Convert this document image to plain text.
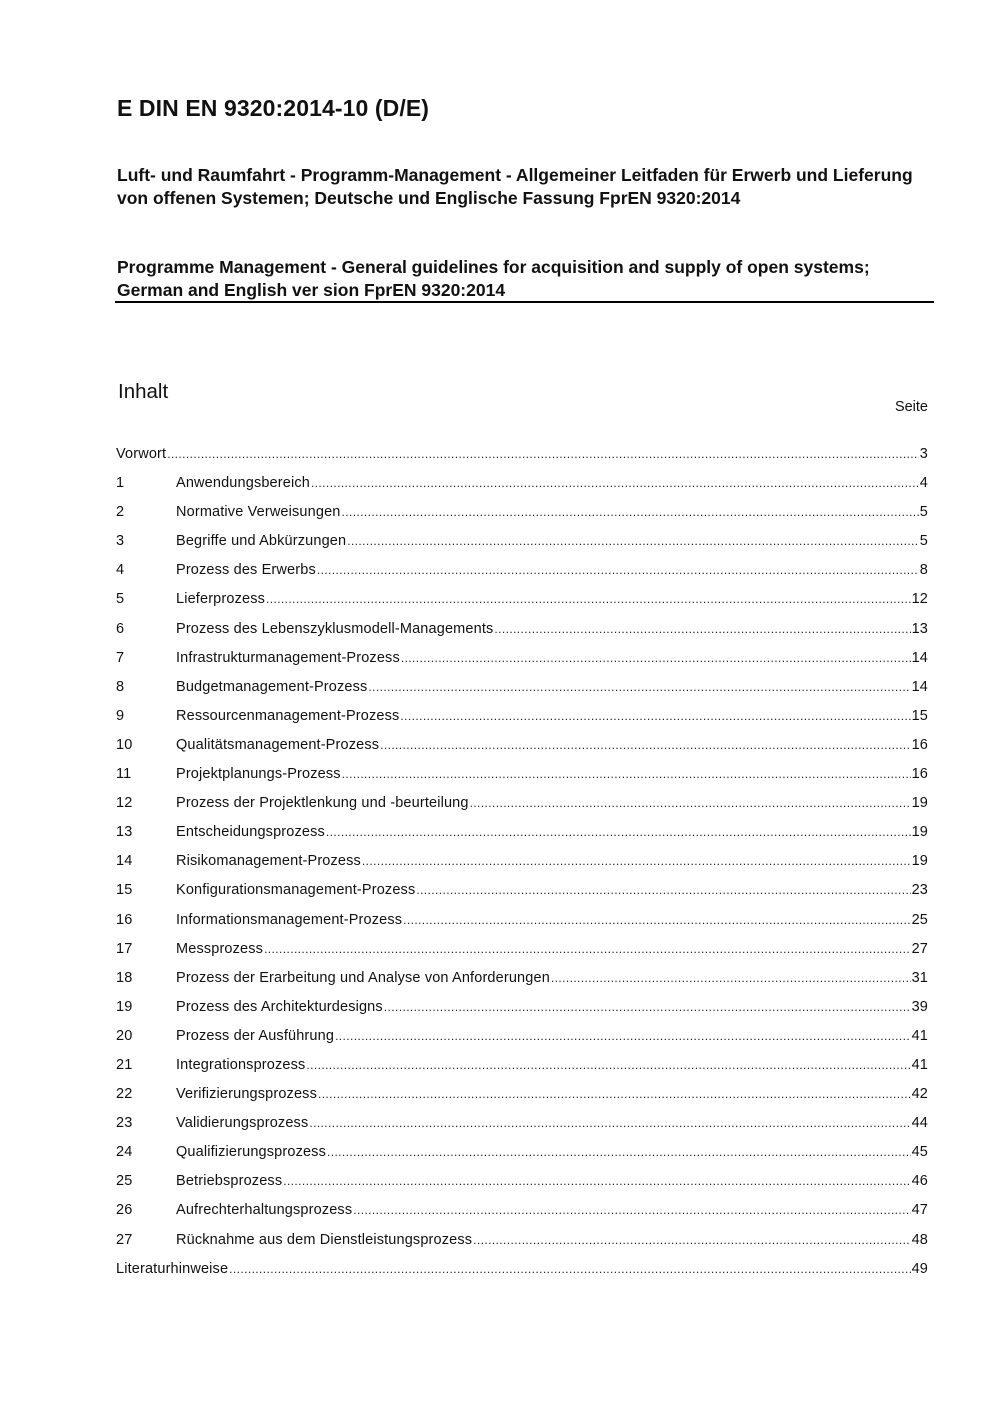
E DIN EN 9320:2014-10 (D/E)
Luft- und Raumfahrt - Programm-Management - Allgemeiner Leitfaden für Erwerb und Lieferung von offenen Systemen; Deutsche und Englische Fassung FprEN 9320:2014
Programme Management - General guidelines for acquisition and supply of open systems; German and English ver sion FprEN 9320:2014
Inhalt
Seite
Vorwort .....	3
1	Anwendungsbereich .....	4
2	Normative Verweisungen .....	5
3	Begriffe und Abkürzungen .....	5
4	Prozess des Erwerbs .....	8
5	Lieferprozess .....	12
6	Prozess des Lebenszyklusmodell-Managements .....	13
7	Infrastrukturmanagement-Prozess .....	14
8	Budgetmanagement-Prozess .....	14
9	Ressourcenmanagement-Prozess .....	15
10	Qualitätsmanagement-Prozess .....	16
11	Projektplanungs-Prozess .....	16
12	Prozess der Projektlenkung und -beurteilung .....	19
13	Entscheidungsprozess .....	19
14	Risikomanagement-Prozess .....	19
15	Konfigurationsmanagement-Prozess .....	23
16	Informationsmanagement-Prozess .....	25
17	Messprozess .....	27
18	Prozess der Erarbeitung und Analyse von Anforderungen .....	31
19	Prozess des Architekturdesigns .....	39
20	Prozess der Ausführung .....	41
21	Integrationsprozess .....	41
22	Verifizierungsprozess .....	42
23	Validierungsprozess .....	44
24	Qualifizierungsprozess .....	45
25	Betriebsprozess .....	46
26	Aufrechterhaltungsprozess .....	47
27	Rücknahme aus dem Dienstleistungsprozess .....	48
Literaturhinweise .....	49
